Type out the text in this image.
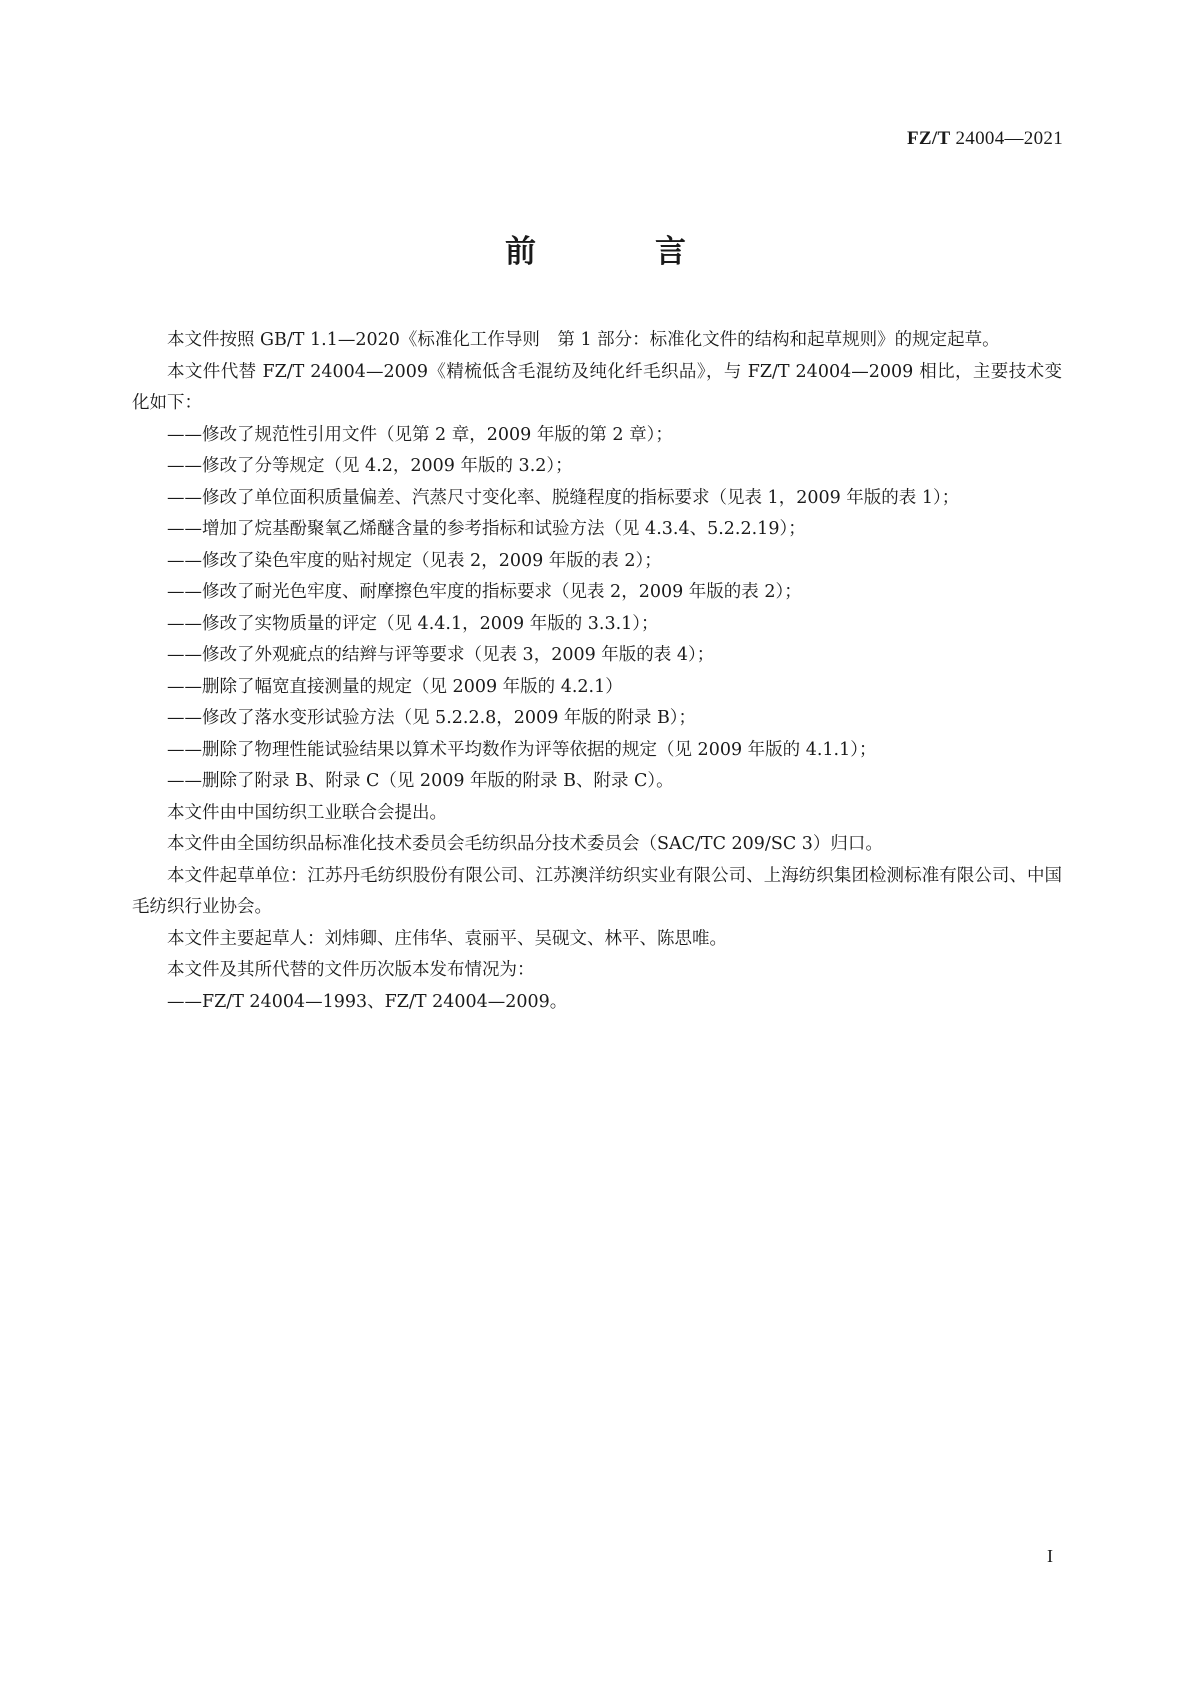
FZ/T 24004—2021
前　言

本文件按照 GB/T 1.1—2020《标准化工作导则　第 1 部分：标准化文件的结构和起草规则》的规定起草。

本文件代替 FZ/T 24004—2009《精梳低含毛混纺及纯化纤毛织品》，与 FZ/T 24004—2009 相比，主要技术变化如下：

——修改了规范性引用文件（见第 2 章，2009 年版的第 2 章）；

——修改了分等规定（见 4.2，2009 年版的 3.2）；

——修改了单位面积质量偏差、汽蒸尺寸变化率、脱缝程度的指标要求（见表 1，2009 年版的表 1）；

——增加了烷基酚聚氧乙烯醚含量的参考指标和试验方法（见 4.3.4、5.2.2.19）；

——修改了染色牢度的贴衬规定（见表 2，2009 年版的表 2）；

——修改了耐光色牢度、耐摩擦色牢度的指标要求（见表 2，2009 年版的表 2）；

——修改了实物质量的评定（见 4.4.1，2009 年版的 3.3.1）；

——修改了外观疵点的结辫与评等要求（见表 3，2009 年版的表 4）；

——删除了幅宽直接测量的规定（见 2009 年版的 4.2.1）

——修改了落水变形试验方法（见 5.2.2.8，2009 年版的附录 B）；

——删除了物理性能试验结果以算术平均数作为评等依据的规定（见 2009 年版的 4.1.1）；

——删除了附录 B、附录 C（见 2009 年版的附录 B、附录 C）。

本文件由中国纺织工业联合会提出。

本文件由全国纺织品标准化技术委员会毛纺织品分技术委员会（SAC/TC 209/SC 3）归口。

本文件起草单位：江苏丹毛纺织股份有限公司、江苏澳洋纺织实业有限公司、上海纺织集团检测标准有限公司、中国毛纺织行业协会。

本文件主要起草人：刘炜卿、庄伟华、袁丽平、吴砚文、林平、陈思唯。

本文件及其所代替的文件历次版本发布情况为：

——FZ/T 24004—1993、FZ/T 24004—2009。

I
